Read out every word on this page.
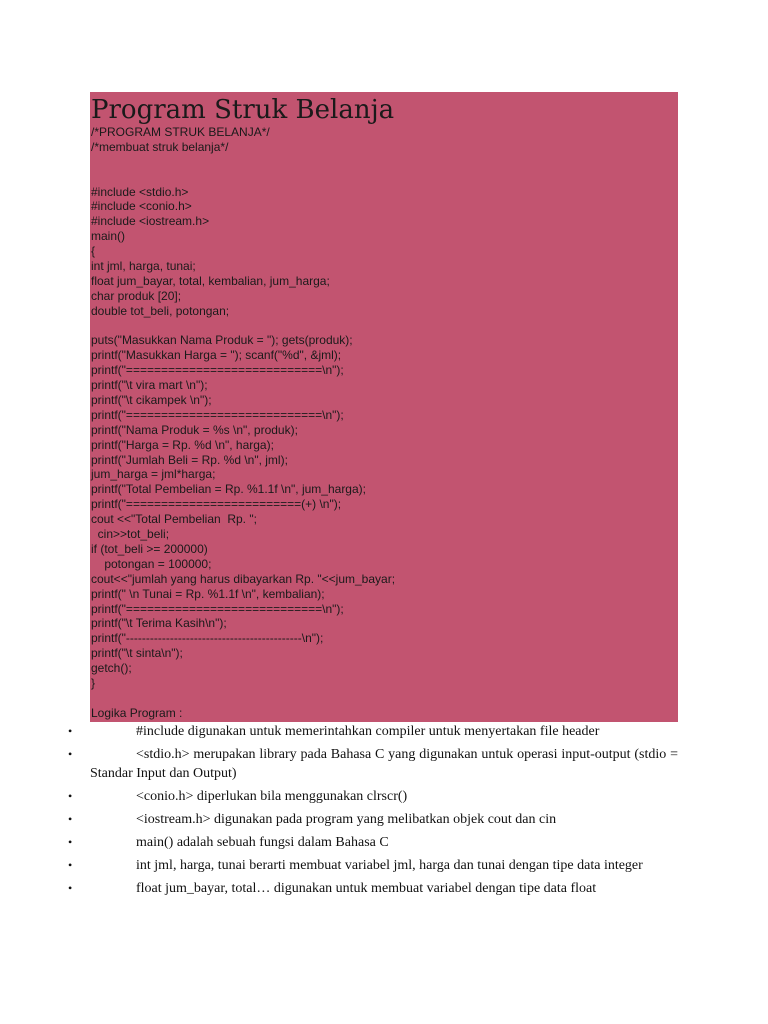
Program Struk Belanja
/*PROGRAM STRUK BELANJA*/
/*membuat struk belanja*/
#include <stdio.h>
#include <conio.h>
#include <iostream.h>
main()
{
int jml, harga, tunai;
float jum_bayar, total, kembalian, jum_harga;
char produk [20];
double tot_beli, potongan;
puts("Masukkan Nama Produk = "); gets(produk);
printf("Masukkan Harga = "); scanf("%d", &jml);
printf("============================\n");
printf("\t vira mart \n");
printf("\t cikampek \n");
printf("============================\n");
printf("Nama Produk = %s \n", produk);
printf("Harga = Rp. %d \n", harga);
printf("Jumlah Beli = Rp. %d \n", jml);
jum_harga = jml*harga;
printf("Total Pembelian = Rp. %1.1f \n", jum_harga);
printf("=========================(+) \n");
cout <<"Total Pembelian  Rp. ";
cin>>tot_beli;
if (tot_beli >= 200000)
potongan = 100000;
cout<<"jumlah yang harus dibayarkan Rp. "<<jum_bayar;
printf(" \n Tunai = Rp. %1.1f \n", kembalian);
printf("============================\n");
printf("\t Terima Kasih\n");
printf("--------------------------------------------\n");
printf("\t sinta\n");
getch();
}

Logika Program :

•	#include digunakan untuk memerintahkan compiler untuk menyertakan file header
•	<stdio.h> merupakan library pada Bahasa C yang digunakan untuk operasi input-output (stdio = Standar Input dan Output)
•	<conio.h> diperlukan bila menggunakan clrscr()
•	<iostream.h> digunakan pada program yang melibatkan objek cout dan cin
•	main() adalah sebuah fungsi dalam Bahasa C
•	int jml, harga, tunai berarti membuat variabel jml, harga dan tunai dengan tipe data integer
•	float jum_bayar, total… digunakan untuk membuat variabel dengan tipe data float
